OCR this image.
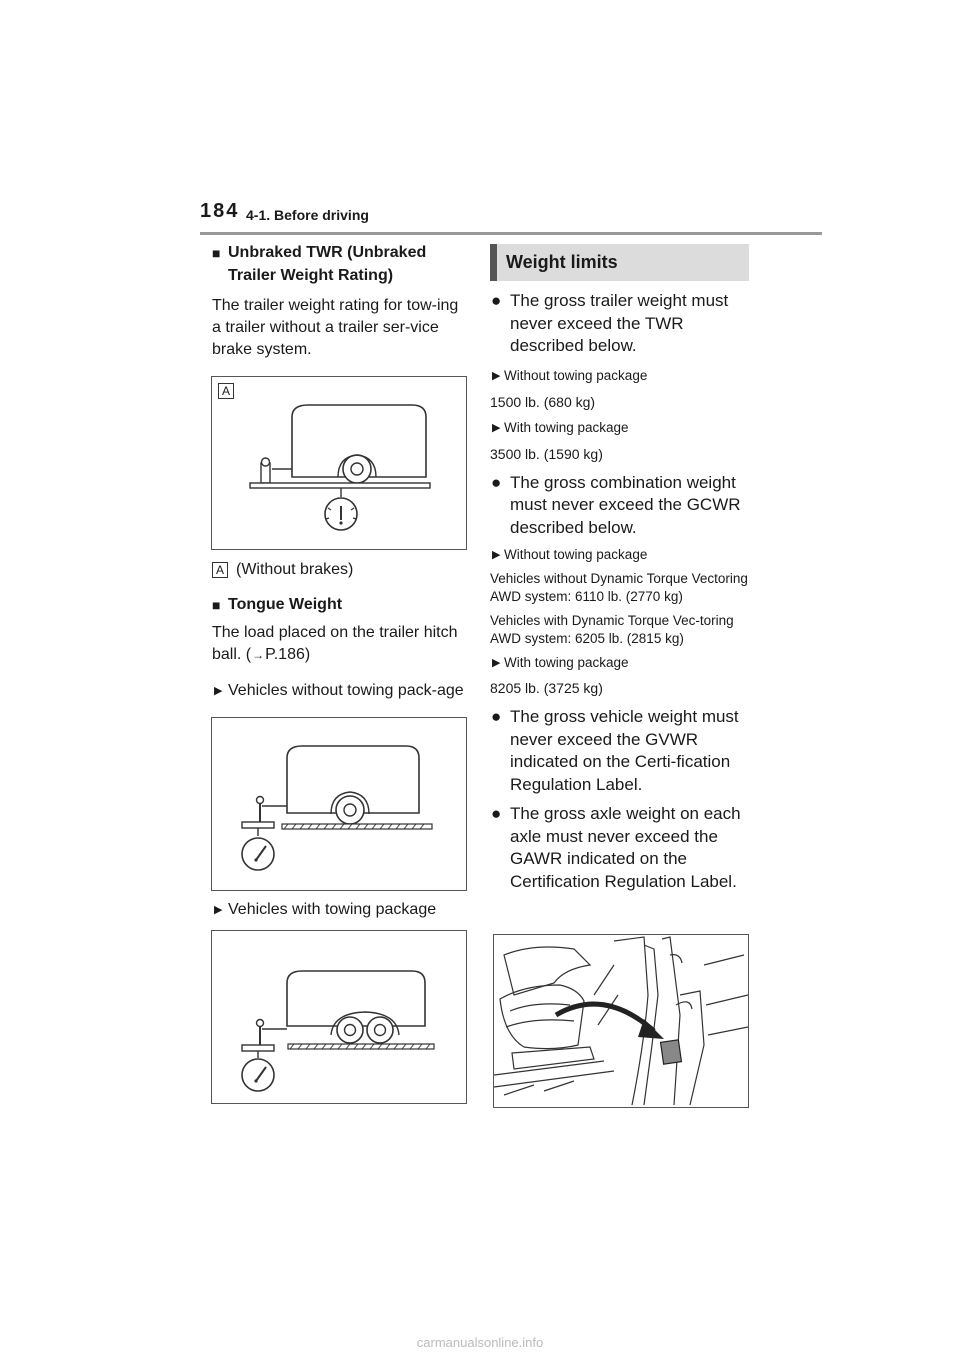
184 4-1. Before driving
■ Unbraked TWR (Unbraked Trailer Weight Rating)
The trailer weight rating for tow-ing a trailer without a trailer ser-vice brake system.
A
A (Without brakes)
■ Tongue Weight
The load placed on the trailer hitch ball. (→P.186)
▶ Vehicles without towing pack-age
▶ Vehicles with towing package
Weight limits
● The gross trailer weight must never exceed the TWR described below.
▶ Without towing package
1500 lb. (680 kg)
▶ With towing package
3500 lb. (1590 kg)
● The gross combination weight must never exceed the GCWR described below.
▶ Without towing package
Vehicles without Dynamic Torque Vectoring AWD system: 6110 lb. (2770 kg)
Vehicles with Dynamic Torque Vec-toring AWD system: 6205 lb. (2815 kg)
▶ With towing package
8205 lb. (3725 kg)
● The gross vehicle weight must never exceed the GVWR indicated on the Certi-fication Regulation Label.
● The gross axle weight on each axle must never exceed the GAWR indicated on the Certification Regulation Label.
carmanualsonline.info
